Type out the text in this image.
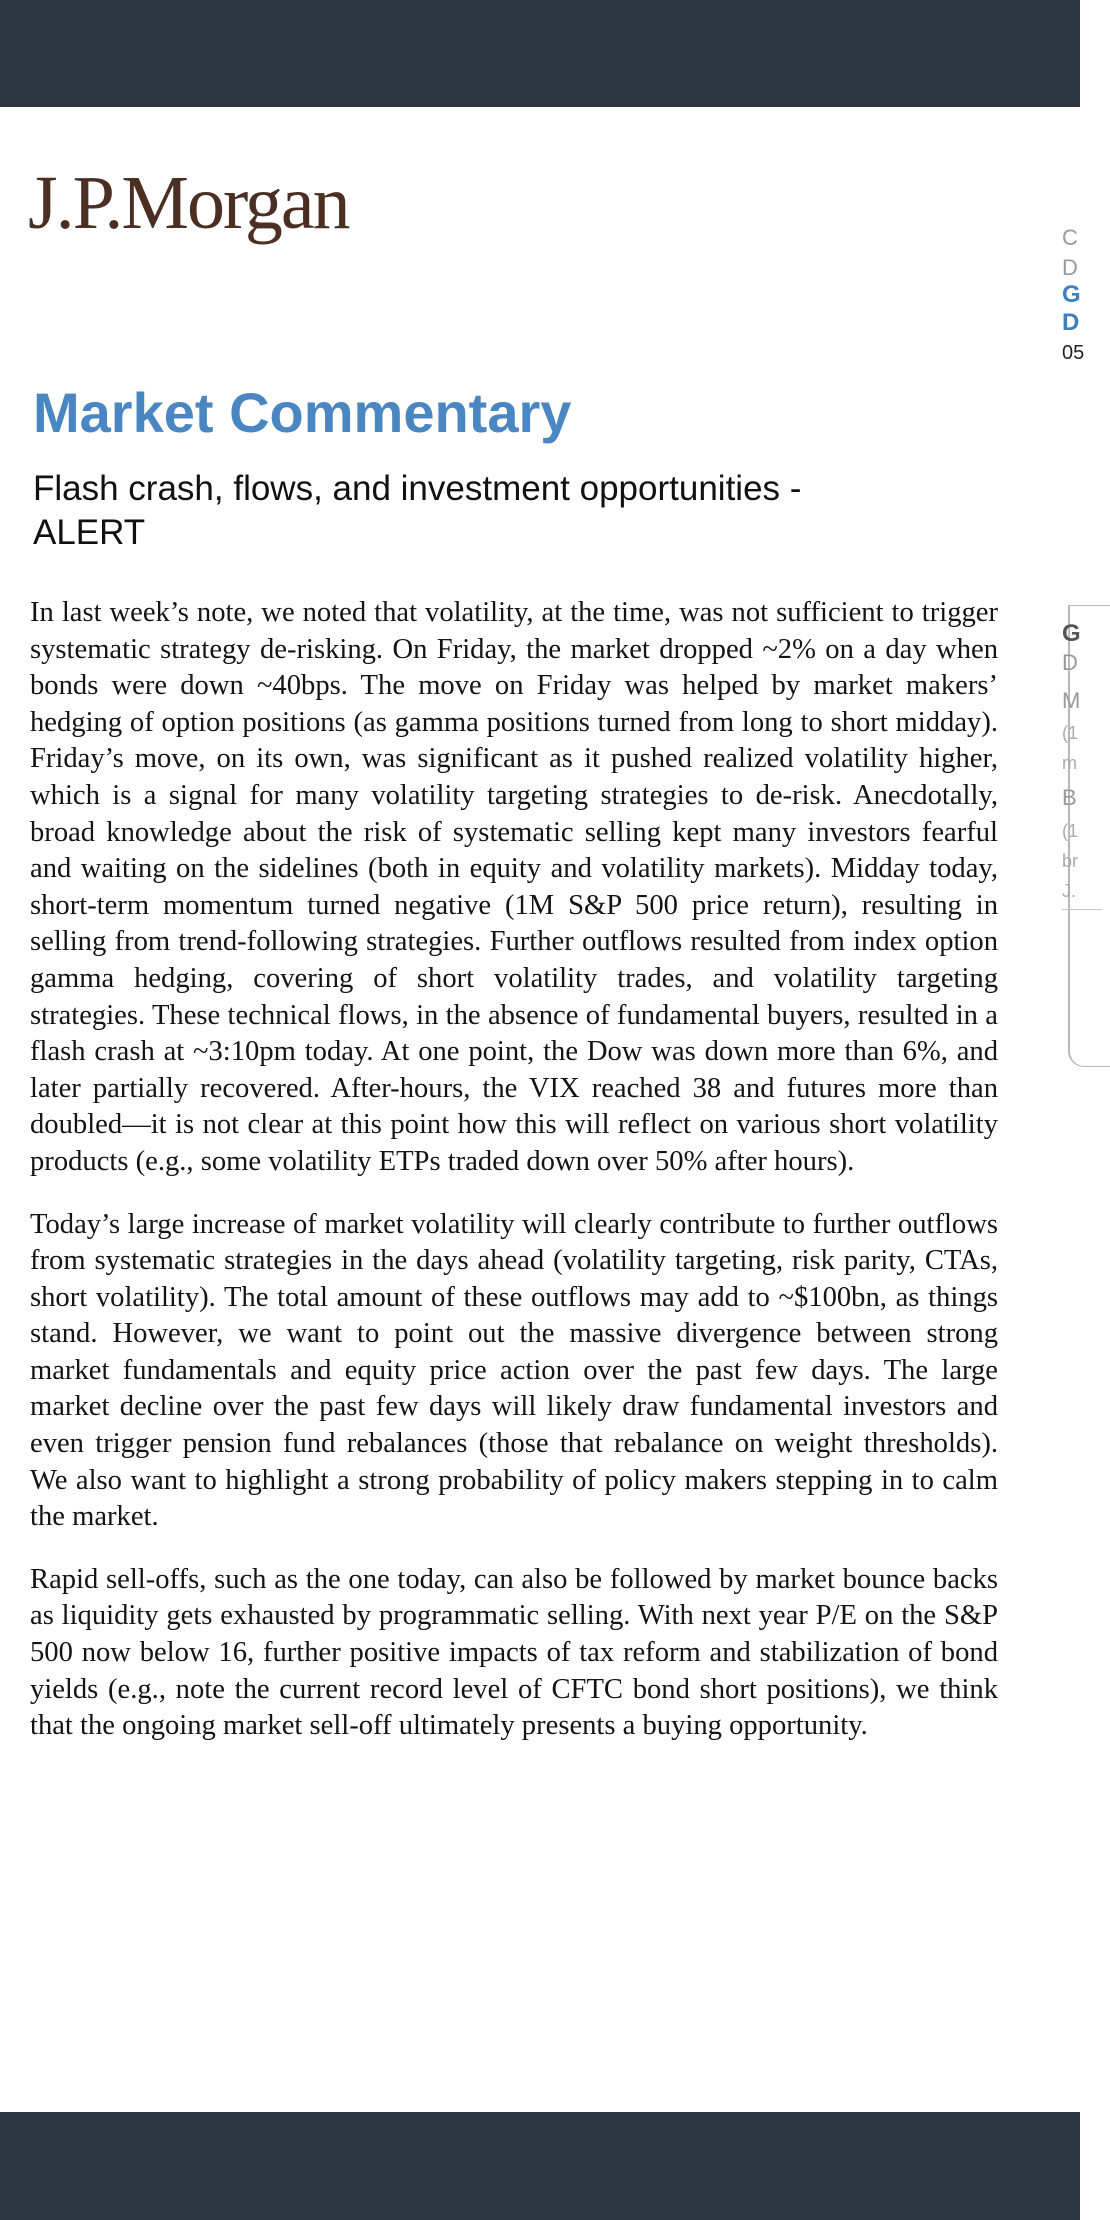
J.P.Morgan	C
D
G
D
05
G
D
M
(1
m
B
(1
br
J.
Market Commentary
Flash crash, flows, and investment opportunities - ALERT

In last week’s note, we noted that volatility, at the time, was not sufficient to trigger systematic strategy de-risking. On Friday, the market dropped ~2% on a day when bonds were down ~40bps. The move on Friday was helped by market makers’ hedging of option positions (as gamma positions turned from long to short midday). Friday’s move, on its own, was significant as it pushed realized volatility higher, which is a signal for many volatility targeting strategies to de-risk. Anecdotally, broad knowledge about the risk of systematic selling kept many investors fearful and waiting on the sidelines (both in equity and volatility markets). Midday today, short-term momentum turned negative (1M S&P 500 price return), resulting in selling from trend-following strategies. Further outflows resulted from index option gamma hedging, covering of short volatility trades, and volatility targeting strategies. These technical flows, in the absence of fundamental buyers, resulted in a flash crash at ~3:10pm today. At one point, the Dow was down more than 6%, and later partially recovered. After-hours, the VIX reached 38 and futures more than doubled—it is not clear at this point how this will reflect on various short volatility products (e.g., some volatility ETPs traded down over 50% after hours).

Today’s large increase of market volatility will clearly contribute to further outflows from systematic strategies in the days ahead (volatility targeting, risk parity, CTAs, short volatility). The total amount of these outflows may add to ~$100bn, as things stand. However, we want to point out the massive divergence between strong market fundamentals and equity price action over the past few days. The large market decline over the past few days will likely draw fundamental investors and even trigger pension fund rebalances (those that rebalance on weight thresholds). We also want to highlight a strong probability of policy makers stepping in to calm the market.

Rapid sell-offs, such as the one today, can also be followed by market bounce backs as liquidity gets exhausted by programmatic selling. With next year P/E on the S&P 500 now below 16, further positive impacts of tax reform and stabilization of bond yields (e.g., note the current record level of CFTC bond short positions), we think that the ongoing market sell-off ultimately presents a buying opportunity.
